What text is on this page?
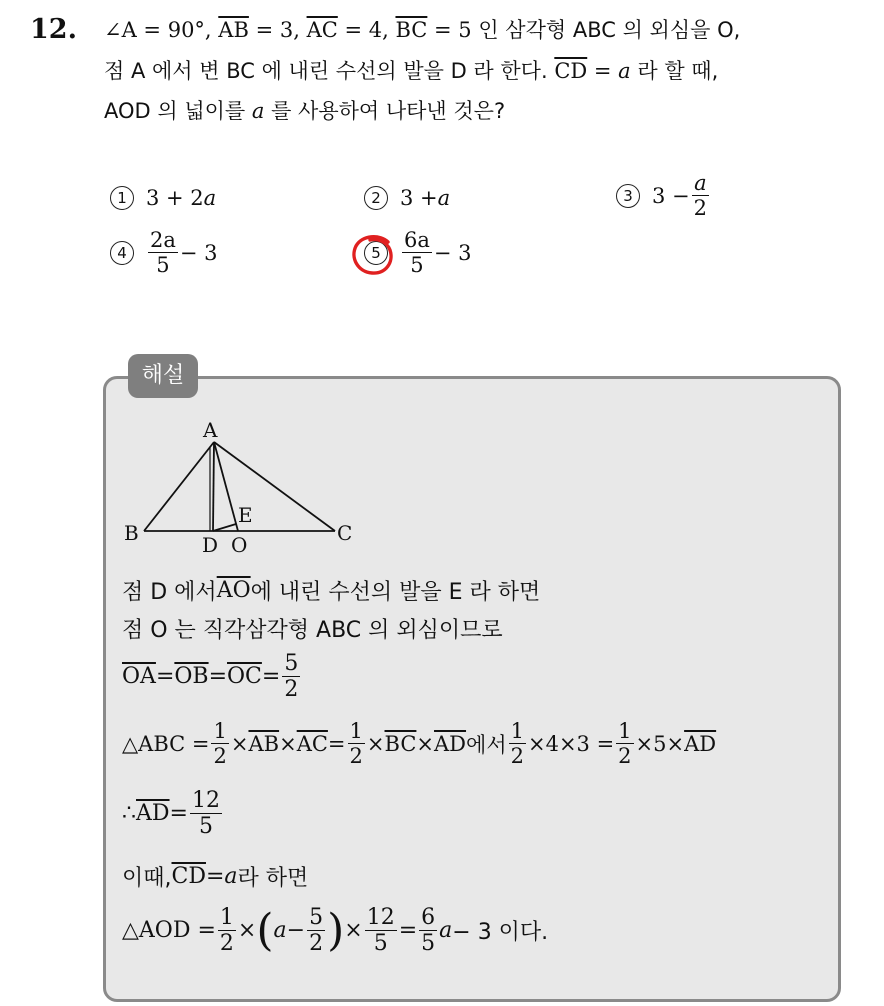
12. ∠A = 90°, $\overline{AB} = 3$, $\overline{AC} = 4$, $\overline{BC} = 5$ 인 삼각형 ABC 의 외심을 O,
점 A 에서 변 BC 에 내린 수선의 발을 D 라 한다. $\overline{CD} = a$ 라 할 때,
AOD 의 넓이를 a 를 사용하여 나타낸 것은?
1 3 + 2 a	2 3 + a	3 $3 - \frac{a}{2}$
4	$\frac{2a}{5} - 3$	5	$\frac{6a}{5} - 3$
해설
A
B	C
D O
E
점 D 에서 $\overline{AO}$ 에 내린 수선의 발을 E 라 하면
점 O 는 직각삼각형 ABC 의 외심이므로
$\overline{OA} = \overline{OB} = \overline{OC} = \frac{5}{2}$
△ABC = $\frac{1}{2} \times \overline{AB} \times \overline{AC} = \frac{1}{2} \times \overline{BC} \times \overline{AD}$ 에서 $\frac{1}{2} \times 4\times 3 = \frac{1}{2} \times 5\times \overline{AD}$
∴ $\overline{AD} = \frac{12}{5}$
이때, $\overline{CD} = a$ 라 하면
△AOD = $\frac{1}{2}$ × ( $a - \frac{5}{2}$ ) × $\frac{12}{5} = \frac{6}{5}$ a − 3 이다.
